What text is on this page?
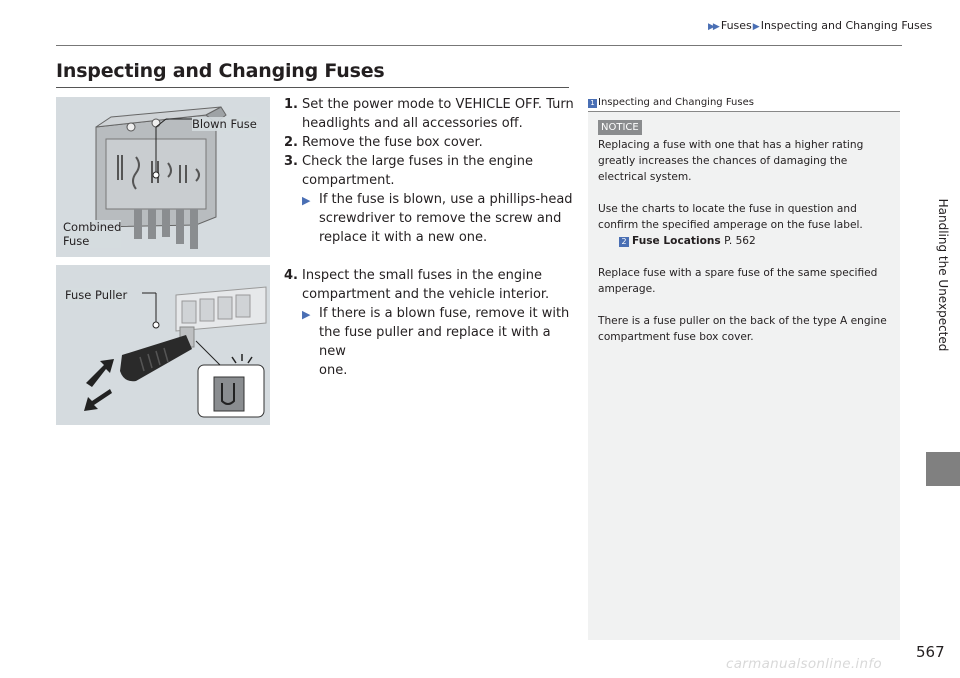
▶▶ Fuses▶Inspecting and Changing Fuses
Inspecting and Changing Fuses
Blown Fuse
Combined
Fuse
Fuse Puller
1. Set the power mode to VEHICLE OFF. Turn
headlights and all accessories off.
2. Remove the fuse box cover.
3. Check the large fuses in the engine
compartment.
▶ If the fuse is blown, use a phillips-head
screwdriver to remove the screw and
replace it with a new one.
4. Inspect the small fuses in the engine
compartment and the vehicle interior.
▶ If there is a blown fuse, remove it with
the fuse puller and replace it with a new
one.
1 Inspecting and Changing Fuses
NOTICE
Replacing a fuse with one that has a higher rating
greatly increases the chances of damaging the
electrical system.
Use the charts to locate the fuse in question and
confirm the specified amperage on the fuse label.
2 Fuse Locations P. 562
Replace fuse with a spare fuse of the same specified
amperage.
There is a fuse puller on the back of the type A engine
compartment fuse box cover.	Handling the Unexpected
567
carmanualsonline.info
